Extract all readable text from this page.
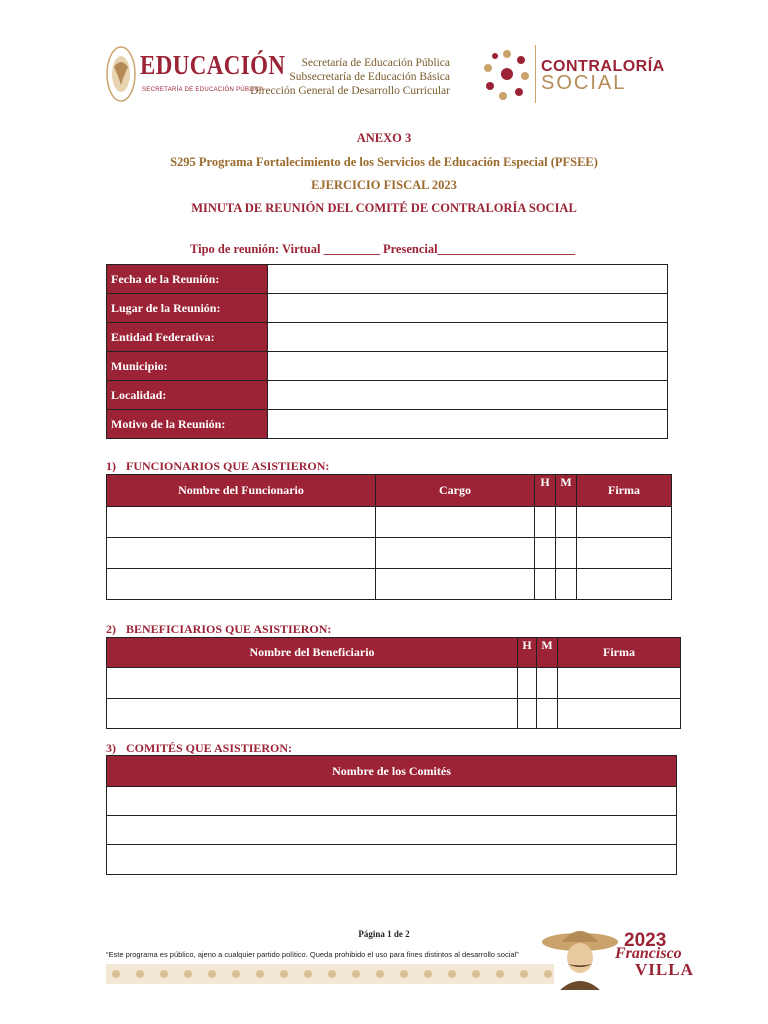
EDUCACIÓN
SECRETARÍA DE EDUCACIÓN PÚBLICA
Secretaría de Educación Pública
Subsecretaría de Educación Básica
Dirección General de Desarrollo Curricular
CONTRALORÍA
SOCIAL
ANEXO 3
S295 Programa Fortalecimiento de los Servicios de Educación Especial (PFSEE)
EJERCICIO FISCAL 2023
MINUTA DE REUNIÓN DEL COMITÉ DE CONTRALORÍA SOCIAL
Tipo de reunión: Virtual _________ Presencial______________________
Fecha de la Reunión:	
Lugar de la Reunión:	
Entidad Federativa:	
Municipio:	
Localidad:	
Motivo de la Reunión:	
1) FUNCIONARIOS QUE ASISTIERON:
Nombre del Funcionario	Cargo	H	M	Firma

2) BENEFICIARIOS QUE ASISTIERON:
Nombre del Beneficiario	H	M	Firma

3) COMITÉS QUE ASISTIERON:
Nombre de los Comités

Página 1 de 2
“Este programa es público, ajeno a cualquier partido político. Queda prohibido el uso para fines distintos al desarrollo social”
2023
Francisco
VILLA
